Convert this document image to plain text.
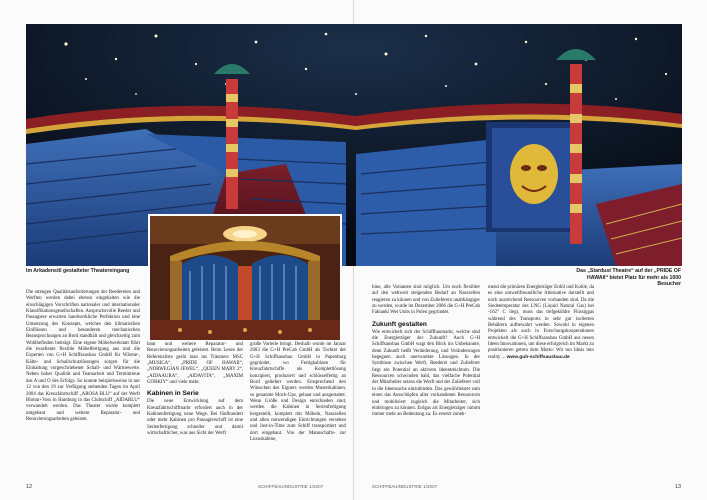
Im Arkadenstil gestalteter Theatereingang	Das „Stardust Theatre“ auf der „PRIDE OF HAWAII“ bietet Platz für mehr als 1000 Besucher

Die strengen Qualitätsanforderungen der Reedereien und Werften werden dabei ebenso eingehalten wie die einschlägigen Vorschriften nationaler und internationaler Klassifikationsgesellschaften. Anspruchsvolle Reeder und Passagiere erwarten handwerkliche Perfektion und eine Umsetzung des Konzepts, welches den klimatischen Einflüssen und besonderen mechanischen Beanspruchungen an Bord standhält und gleichzeitig zum Wohlbefinden beiträgt. Eine eigene Möbelwerkstatt führt die exzellente flexible Möbelfertigung aus und die Experten von G+H Schiffsausbau GmbH für Wärme-, Kälte- und Schallschutzlösungen sorgen für die Einhaltung vorgeschriebener Schall- und Wärmewerte. Neben hoher Qualität und Teamarbeit und Termintreue das A und O des Erfolgs. So konnte beispielsweise in nur 12 von den 19 zur Verfügung stehenden Tagen im April 2004 das Kreuzfahrtschiff „AROSA BLU“ auf der Werft Blohm+Voss in Hamburg in das Clubschiff „AIDABLU“ verwandelt werden. Das Theater wurde komplett umgebaut und weitere Reparatur- und Renovierungsarbeiten geleistet.

baut und weitere Reparatur- und Renovierungsarbeiten geleistet. Beim Lesen der Referenzliste gerät man ins Träumen: MSC „MUSICA“, „PRIDE OF HAWAII“, „NORWEGIAN JEWEL“, „QUEEN MARY 2“, „AIDAAURA“, „AIDAVITA“, „MAXIM GORKIY“ und viele mehr.

Kabinen in Serie

Die neue Entwicklung auf dem Kreuzfahrtschiffmarkt erfordert auch in der Kabinenfertigung neue Wege. Bei fünfhundert oder mehr Kabinen pro Passagierschiff ist eine Serienfertigung schneller und damit wirtschaftlicher, was aus Sicht der Werft

große Vorteile bringt. Deshalb wurde im Januar 2003 die G+H PreCab GmbH als Tochter der G+H Schiffsausbau GmbH in Papenburg gegründet, wo Fertigkabinen für Kreuzfahrtschiffe als Komplettlösung konzipiert, produziert und schlüsselfertig an Bord geliefert werden. Entsprechend den Wünschen des Eigners werden Musterkabinen, so genannte Mock-Ups, gebaut und ausgestattet. Wenn Größe und Design entschieden sind, werden die Kabinen in Serienfertigung hergestellt, komplett mit Möbeln, Nasszellen und allen notwendigen Einrichtungen versehen und Just-in-Time zum Schiff transportiert und dort eingebaut. Von der Mannschafts- zur Luxuskabine,

bine, alle Varianten sind möglich. Um noch flexibler auf den weltweit steigenden Bedarf an Nasszellen reagieren zu können und von Zulieferern unabhängiger zu werden, wurde im Dezember 2006 die G+H PreCab Fabianki Wet Units in Polen gegründet.

Zukunft gestalten

Wie entwickelt sich der Schiffbaumarkt, welche sind die Energieträger der Zukunft? Auch G+H Schiffsausbau GmbH wagt den Blick ins Unbekannte, denn Zukunft heißt Veränderung, und Veränderungen begegnen auch unerwartete Lösungen. In der Symbiose zwischen Werft, Reederei und Zulieferer liegt ein Potential an aktivem Ideentreichtum. Die Ressourcen schwinden bald, das vielfache Potential der Mitarbeiter setzen die Werft und der Zulieferer voll in die Ideensuche einzubinden. Das gewährleistet zum einen das Ausschöpfen aller vorhandenen Ressourcen und mobilisiert zugleich die Mitarbeiter, sich einbringen zu können. Erdgas als Energieträger nimmt immer mehr an Bedeutung zu. Es ersetzt zuneh-

mend die primären Energieträger Erdöl und Kohle, da es eine umweltfreundliche Alternative darstellt und noch ausreichend Ressourcen vorhanden sind. Da die Siedetemperatur des LNG (Liquid Natural Gas) bei -162° C liegt, muss das tiefgekühlte Flüssiggas während des Transports in sehr gut isolierten Behältern aufbewahrt werden. Sowohl in eigenen Projekten als auch in Forschungskooperationen entwickelt die G+H Schiffsausbau GmbH aus neuen Ideen Innovationen, um diese erfolgreich im Markt zu positionieren getreu dem Motto: Wir tun Ideas into reality ... www.guh-schiffsausbau.de

12	SCHIFFBAUINDUSTRIE 1/2007	SCHIFFBAUINDUSTRIE 1/2007	13
